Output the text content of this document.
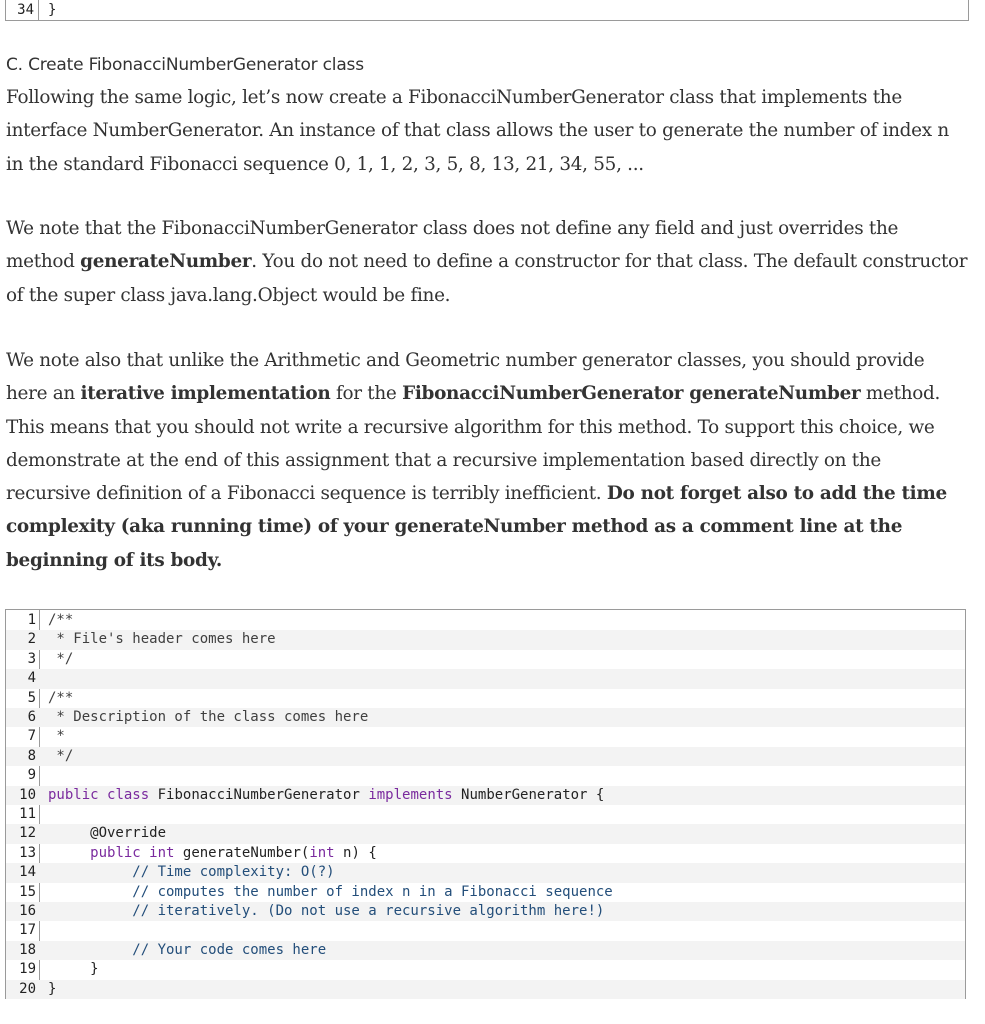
34	}
C. Create FibonacciNumberGenerator class
Following the same logic, let’s now create a FibonacciNumberGenerator class that implements the interface NumberGenerator. An instance of that class allows the user to generate the number of index n in the standard Fibonacci sequence 0, 1, 1, 2, 3, 5, 8, 13, 21, 34, 55, ...
We note that the FibonacciNumberGenerator class does not define any field and just overrides the method generateNumber. You do not need to define a constructor for that class. The default constructor of the super class java.lang.Object would be fine.
We note also that unlike the Arithmetic and Geometric number generator classes, you should provide here an iterative implementation for the FibonacciNumberGenerator generateNumber method. This means that you should not write a recursive algorithm for this method. To support this choice, we demonstrate at the end of this assignment that a recursive implementation based directly on the recursive definition of a Fibonacci sequence is terribly inefficient. Do not forget also to add the time complexity (aka running time) of your generateNumber method as a comment line at the beginning of its body.
1 /**
2 * File's header comes here
3 */
4
5 /**
6 * Description of the class comes here
7 *
8 */
9
10 public class FibonacciNumberGenerator implements NumberGenerator {
11
12 @Override
13	public int generateNumber(int n) {
14 // Time complexity: O(?)
15 // computes the number of index n in a Fibonacci sequence
16 // iteratively. (Do not use a recursive algorithm here!)
17
18 // Your code comes here
19 }
20 }
